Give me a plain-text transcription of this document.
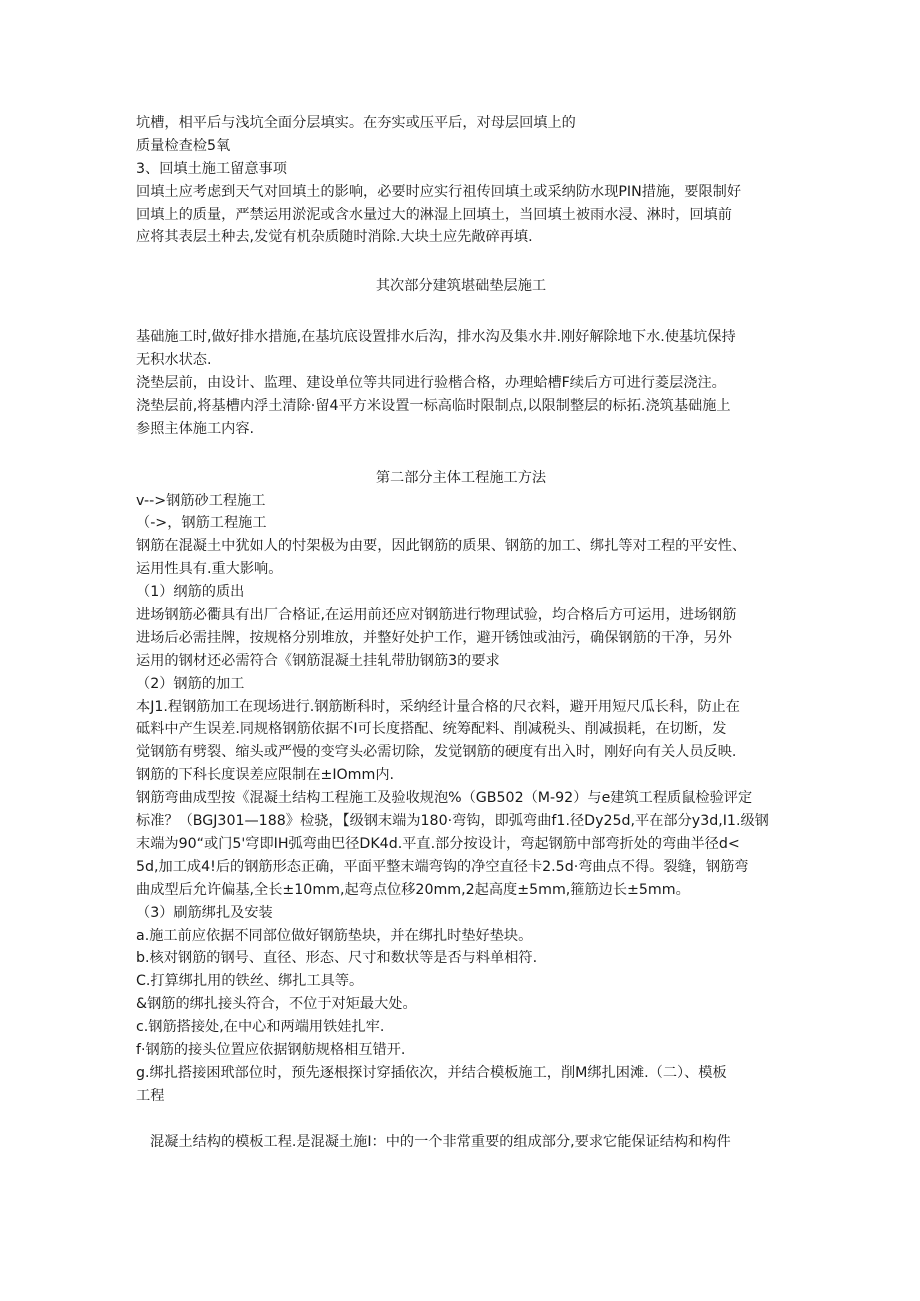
坑槽，相平后与浅坑全面分层填实。在夯实或压平后，对母层回填上的
质量检查检5氧
3、回填土施工留意事项
回填土应考虑到天气对回填土的影响，必要时应实行祖传回填土或采纳防水现PIN措施，要限制好
回填上的质量，严禁运用淤泥或含水量过大的淋湿上回填土，当回填土被雨水浸、淋时，回填前
应将其表层土种去,发觉有机杂质随时消除.大块土应先敞碎再填.
其次部分建筑堪础垫层施工
基础施工时,做好排水措施,在基坑底设置排水后沟，排水沟及集水井.刚好解除地下水.使基坑保持
无积水状态.
浇垫层前，由设计、监理、建设单位等共同进行验楷合格，办理蛤槽F续后方可进行菱层浇注。
浇垫层前,将基槽内浮土清除·留4平方米设置一标高临时限制点,以限制整层的标拓.浇筑基础施上
参照主体施工内容.
第二部分主体工程施工方法
v-->钢筋砂工程施工
（->，钢筋工程施工
钢筋在混凝土中犹如人的忖架极为由要，因此钢筋的质果、钢筋的加工、绑扎等对工程的平安性、
运用性具有.重大影响。
（1）纲筋的质出
进场钢筋必衢具有出厂合格证,在运用前还应对钢筋进行物理试验，均合格后方可运用，进场钢筋
进场后必需挂牌，按规格分别堆放，并整好处护工作，避开锈蚀或油污，确保钢筋的干净，另外
运用的钢材还必需符合《钢筋混凝土挂轧带肋钢筋3的要求
（2）钢筋的加工
本J1.程钢筋加工在现场进行.钢筋断科时，采纳经计量合格的尺衣料，避开用短尺瓜长科，防止在
砥料中产生误差.同规格钢筋依据不I可长度搭配、统筹配料、削减税头、削减损耗，在切断，发
觉钢筋有劈裂、缩头或严慢的变穹头必需切除，发觉钢筋的硬度有出入时，刚好向有关人员反映.
钢筋的下科长度误差应限制在±IOmm内.
钢筋弯曲成型按《混凝土结构工程施工及验收规泡%（GB502（M-92）与e建筑工程质鼠检验评定
标准？（BGJ301—188》检骁，【级钢末端为180·弯钩，即弧弯曲f1.径Dy25d,平在部分y3d,I1.级钢
末端为90“或门5'穹即IH弧弯曲巴径DK4d.平直.部分按设计，弯起钢筋中部弯折处的弯曲半径d<
5d,加工成4!后的钢筋形态正确，平面平整末端弯钩的净空直径卡2.5d·弯曲点不得。裂缝，钢筋弯
曲成型后允许偏基,全长±10mm,起弯点位移20mm,2起高度±5mm,箍筋边长±5mm。
（3）刷筋绑扎及安装
a.施工前应依据不同部位做好钢筋垫块，并在绑扎时垫好垫块。
b.核对钢筋的钢号、直径、形态、尺寸和数状等是否与料单相符.
C.打算绑扎用的铁丝、绑扎工具等。
&钢筋的绑扎接头符合，不位于对矩最大处。
c.钢筋搭接处,在中心和两端用铁娃扎牢.
f·钢筋的接头位置应依据钢舫规格相互错开.
g.绑扎搭接困玳部位时，预先逐根探讨穿插依次，并结合模板施工，削M绑扎困滩.（二）、模板
工程
混凝土结构的模板工程.是混凝土施I：中的一个非常重要的组成部分,要求它能保证结构和构件
